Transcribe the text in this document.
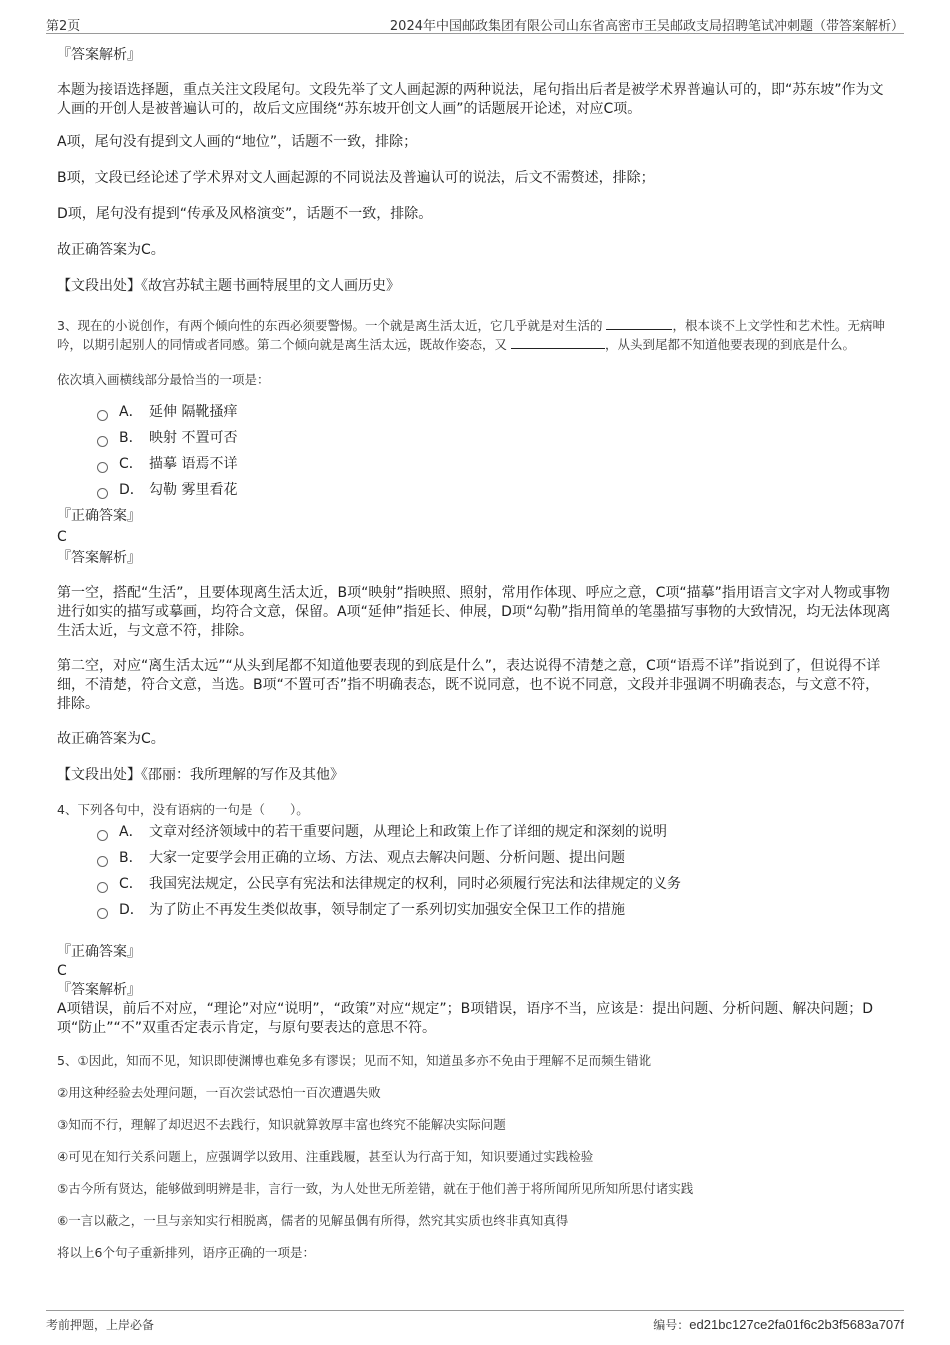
第2页	2024年中国邮政集团有限公司山东省高密市王吴邮政支局招聘笔试冲刺题（带答案解析）

『答案解析』

本题为接语选择题，重点关注文段尾句。文段先举了文人画起源的两种说法，尾句指出后者是被学术界普遍认可的，即“苏东坡”作为文人画的开创人是被普遍认可的，故后文应围绕“苏东坡开创文人画”的话题展开论述，对应C项。

A项，尾句没有提到文人画的“地位”，话题不一致，排除；

B项，文段已经论述了学术界对文人画起源的不同说法及普遍认可的说法，后文不需赘述，排除；

D项，尾句没有提到“传承及风格演变”，话题不一致，排除。

故正确答案为C。

【文段出处】《故宫苏轼主题书画特展里的文人画历史》

3、现在的小说创作，有两个倾向性的东西必须要警惕。一个就是离生活太近，它几乎就是对生活的	，根本谈不上文学性和艺术性。无病呻吟，以期引起别人的同情或者同感。第二个倾向就是离生活太远，既故作姿态，又	，从头到尾都不知道他要表现的到底是什么。

依次填入画横线部分最恰当的一项是：

A． 延伸 隔靴搔痒
B． 映射 不置可否
C． 描摹 语焉不详
D． 勾勒 雾里看花

『正确答案』

C

『答案解析』

第一空，搭配“生活”，且要体现离生活太近，B项“映射”指映照、照射，常用作体现、呼应之意，C项“描摹”指用语言文字对人物或事物进行如实的描写或摹画，均符合文意，保留。A项“延伸”指延长、伸展，D项“勾勒”指用简单的笔墨描写事物的大致情况，均无法体现离生活太近，与文意不符，排除。

第二空，对应“离生活太远”“从头到尾都不知道他要表现的到底是什么”，表达说得不清楚之意，C项“语焉不详”指说到了，但说得不详细，不清楚，符合文意，当选。B项“不置可否”指不明确表态，既不说同意，也不说不同意，文段并非强调不明确表态，与文意不符，排除。

故正确答案为C。

【文段出处】《邵丽：我所理解的写作及其他》

4、下列各句中，没有语病的一句是（　　）。

A． 文章对经济领域中的若干重要问题，从理论上和政策上作了详细的规定和深刻的说明
B． 大家一定要学会用正确的立场、方法、观点去解决问题、分析问题、提出问题
C． 我国宪法规定，公民享有宪法和法律规定的权利，同时必须履行宪法和法律规定的义务
D． 为了防止不再发生类似故事，领导制定了一系列切实加强安全保卫工作的措施

『正确答案』

C

『答案解析』

A项错误，前后不对应，“理论”对应“说明”，“政策”对应“规定”；B项错误，语序不当，应该是：提出问题、分析问题、解决问题；D项“防止”“不”双重否定表示肯定，与原句要表达的意思不符。

5、①因此，知而不见，知识即使渊博也难免多有谬误；见而不知，知道虽多亦不免由于理解不足而频生错讹

②用这种经验去处理问题，一百次尝试恐怕一百次遭遇失败

③知而不行，理解了却迟迟不去践行，知识就算敦厚丰富也终究不能解决实际问题

④可见在知行关系问题上，应强调学以致用、注重践履，甚至认为行高于知，知识要通过实践检验

⑤古今所有贤达，能够做到明辨是非，言行一致，为人处世无所差错，就在于他们善于将所闻所见所知所思付诸实践

⑥一言以蔽之，一旦与亲知实行相脱离，儒者的见解虽偶有所得，然究其实质也终非真知真得

将以上6个句子重新排列，语序正确的一项是：

考前押题，上岸必备	编号：ed21bc127ce2fa01f6c2b3f5683a707f
